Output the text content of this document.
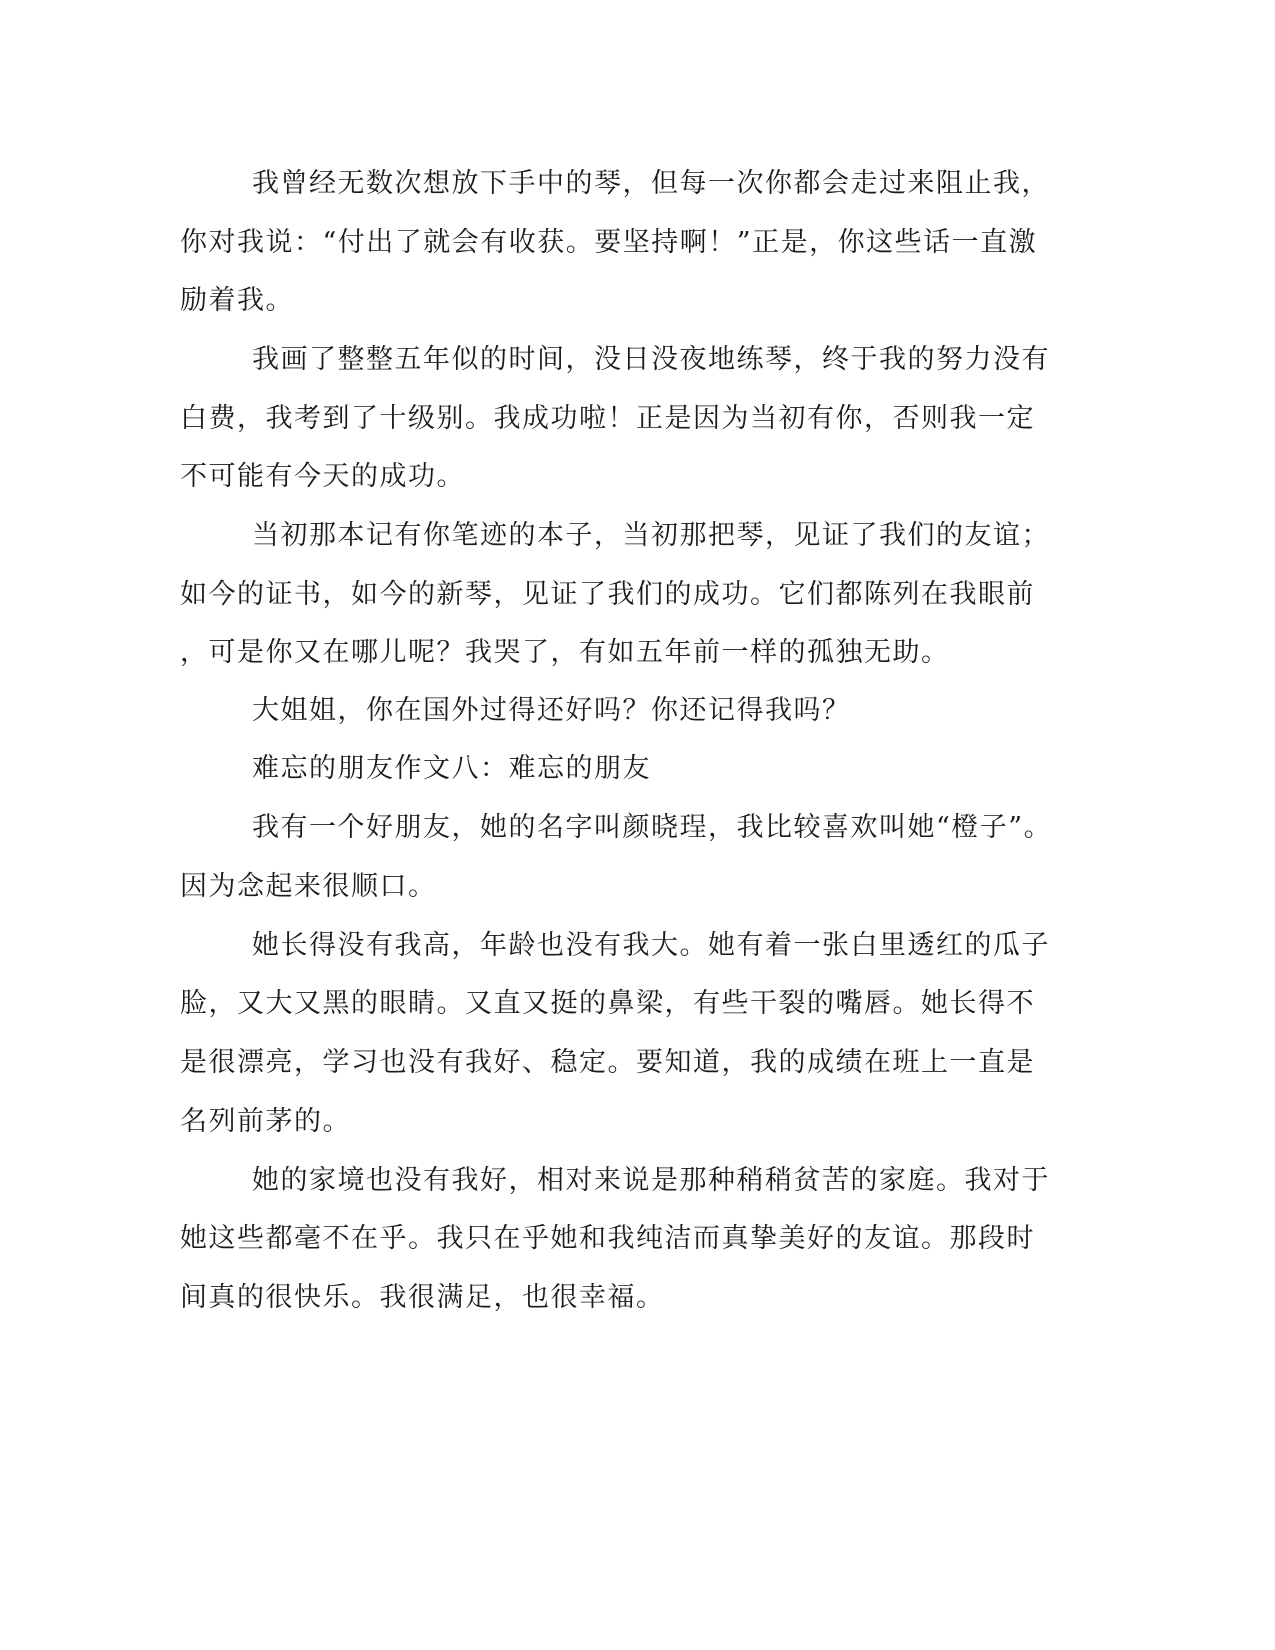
我曾经无数次想放下手中的琴，但每一次你都会走过来阻止我，
你对我说：“付出了就会有收获。要坚持啊！”正是，你这些话一直激
励着我。
我画了整整五年似的时间，没日没夜地练琴，终于我的努力没有
白费，我考到了十级别。我成功啦！正是因为当初有你，否则我一定
不可能有今天的成功。
当初那本记有你笔迹的本子，当初那把琴，见证了我们的友谊；
如今的证书，如今的新琴，见证了我们的成功。它们都陈列在我眼前
，可是你又在哪儿呢？我哭了，有如五年前一样的孤独无助。
大姐姐，你在国外过得还好吗？你还记得我吗？
难忘的朋友作文八：难忘的朋友
我有一个好朋友，她的名字叫颜晓珵，我比较喜欢叫她“橙子”。
因为念起来很顺口。
她长得没有我高，年龄也没有我大。她有着一张白里透红的瓜子
脸，又大又黑的眼睛。又直又挺的鼻梁，有些干裂的嘴唇。她长得不
是很漂亮，学习也没有我好、稳定。要知道，我的成绩在班上一直是
名列前茅的。
她的家境也没有我好，相对来说是那种稍稍贫苦的家庭。我对于
她这些都毫不在乎。我只在乎她和我纯洁而真挚美好的友谊。那段时
间真的很快乐。我很满足，也很幸福。
